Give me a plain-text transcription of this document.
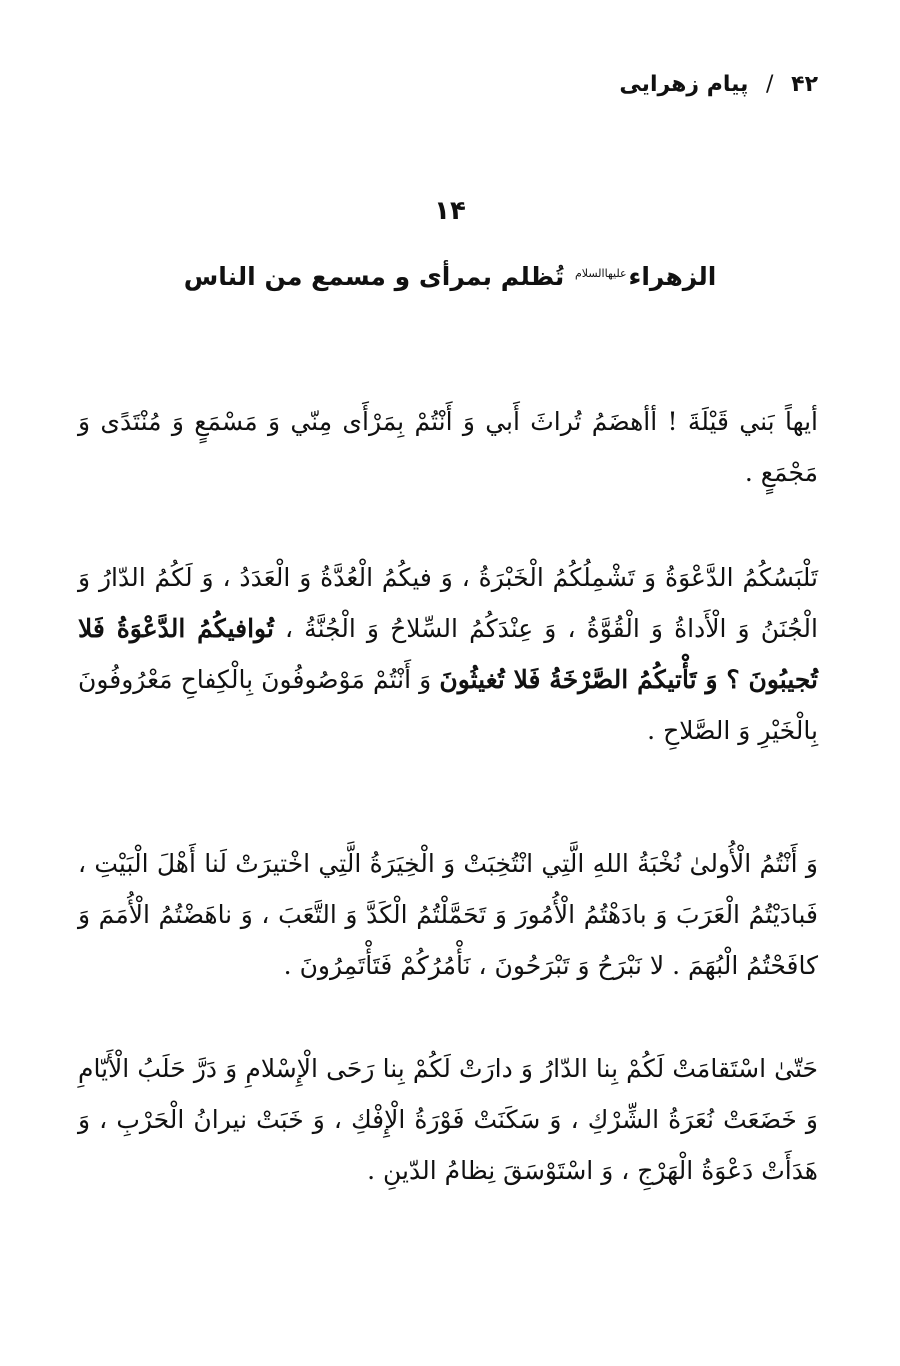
۴۲ / پیام زهرایی
۱۴
الزهراء$^{علیهاالسلام}$ تُظلم بمرأى و مسمع من الناس

أيهاً بَني قَيْلَةَ ! أأهضَمُ تُراثَ أَبي وَ أَنْتُمْ بِمَرْأَى مِنّي وَ مَسْمَعٍ وَ مُنْتَدًى وَ مَجْمَعٍ .

تَلْبَسُكُمُ الدَّعْوَةُ وَ تَشْمِلُكُمُ الْخَبْرَةُ ، وَ فيكُمُ الْعُدَّةُ وَ الْعَدَدُ ، وَ لَكُمُ الدّارُ وَ الْجُنَنُ وَ الْأَداةُ وَ الْقُوَّةُ ، وَ عِنْدَكُمُ السِّلاحُ وَ الْجُنَّةُ ، تُوافيكُمُ الدَّعْوَةُ فَلا تُجيبُونَ ؟ وَ تَأْتيكُمُ الصَّرْخَةُ فَلا تُغيثُونَ وَ أَنْتُمْ مَوْصُوفُونَ بِالْكِفاحِ مَعْرُوفُونَ بِالْخَيْرِ وَ الصَّلاحِ .

وَ أَنْتُمُ الْأُولىٰ نُخْبَةُ اللهِ الَّتِي انْتُخِبَتْ وَ الْخِيَرَةُ الَّتِي اخْتيرَتْ لَنا أَهْلَ الْبَيْتِ ، فَبادَيْتُمُ الْعَرَبَ وَ بادَهْتُمُ الْأُمُورَ وَ تَحَمَّلْتُمُ الْكَدَّ وَ التَّعَبَ ، وَ ناهَضْتُمُ الْأُمَمَ وَ كافَحْتُمُ الْبُهَمَ . لا نَبْرَحُ وَ تَبْرَحُونَ ، نَأْمُرُكُمْ فَتَأْتَمِرُونَ .

حَتّىٰ اسْتَقامَتْ لَكُمْ بِنا الدّارُ وَ دارَتْ لَكُمْ بِنا رَحَى الْإِسْلامِ وَ دَرَّ حَلَبُ الْأَيّامِ وَ خَضَعَتْ نُعَرَةُ الشِّرْكِ ، وَ سَكَنَتْ فَوْرَةُ الْإِفْكِ ، وَ خَبَتْ نيرانُ الْحَرْبِ ، وَ هَدَأَتْ دَعْوَةُ الْهَرْجِ ، وَ اسْتَوْسَقَ نِظامُ الدّينِ .
